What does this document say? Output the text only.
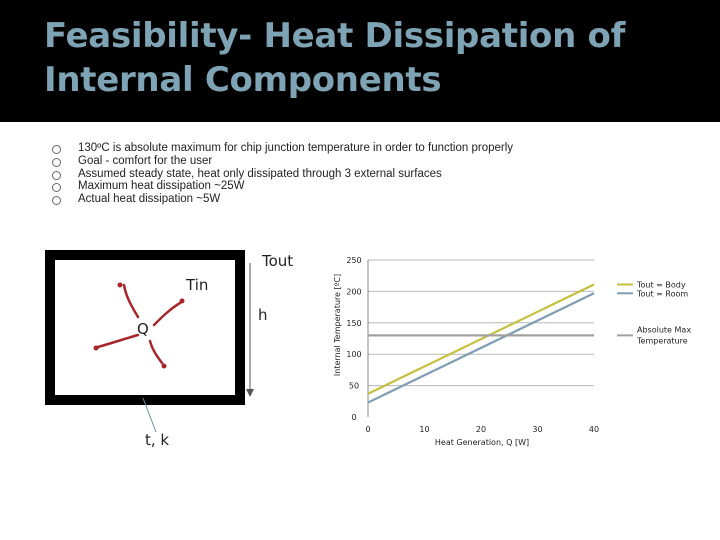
Feasibility- Heat Dissipation of
Internal Components
130ºC is absolute maximum for chip junction temperature in order to function properly
Goal - comfort for the user
Assumed steady state, heat only dissipated through 3 external surfaces
Maximum heat dissipation ~25W
Actual heat dissipation ~5W
Q
Tin
Tout
h
t, k
0
50
100
150
200
250
0	10	20	30	40
Tout = Room
Tout = Body
Absolute Max
Temperature
Heat Generation, Q [W]
Internal Temperature [ºC]
